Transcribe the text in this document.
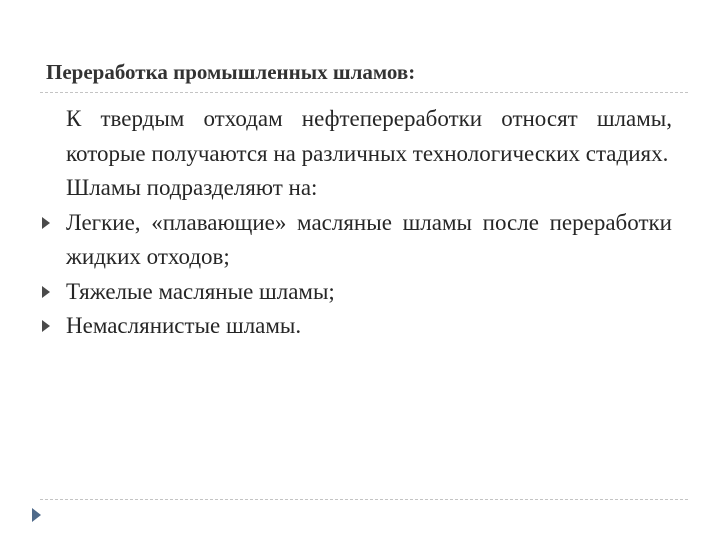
Переработка промышленных шламов:
К твердым отходам нефтепереработки относят шламы, которые получаются на различных технологических стадиях.
Шламы подразделяют на:
Легкие, «плавающие» масляные шламы после переработки жидких отходов;
Тяжелые масляные шламы;
Немаслянистые шламы.
